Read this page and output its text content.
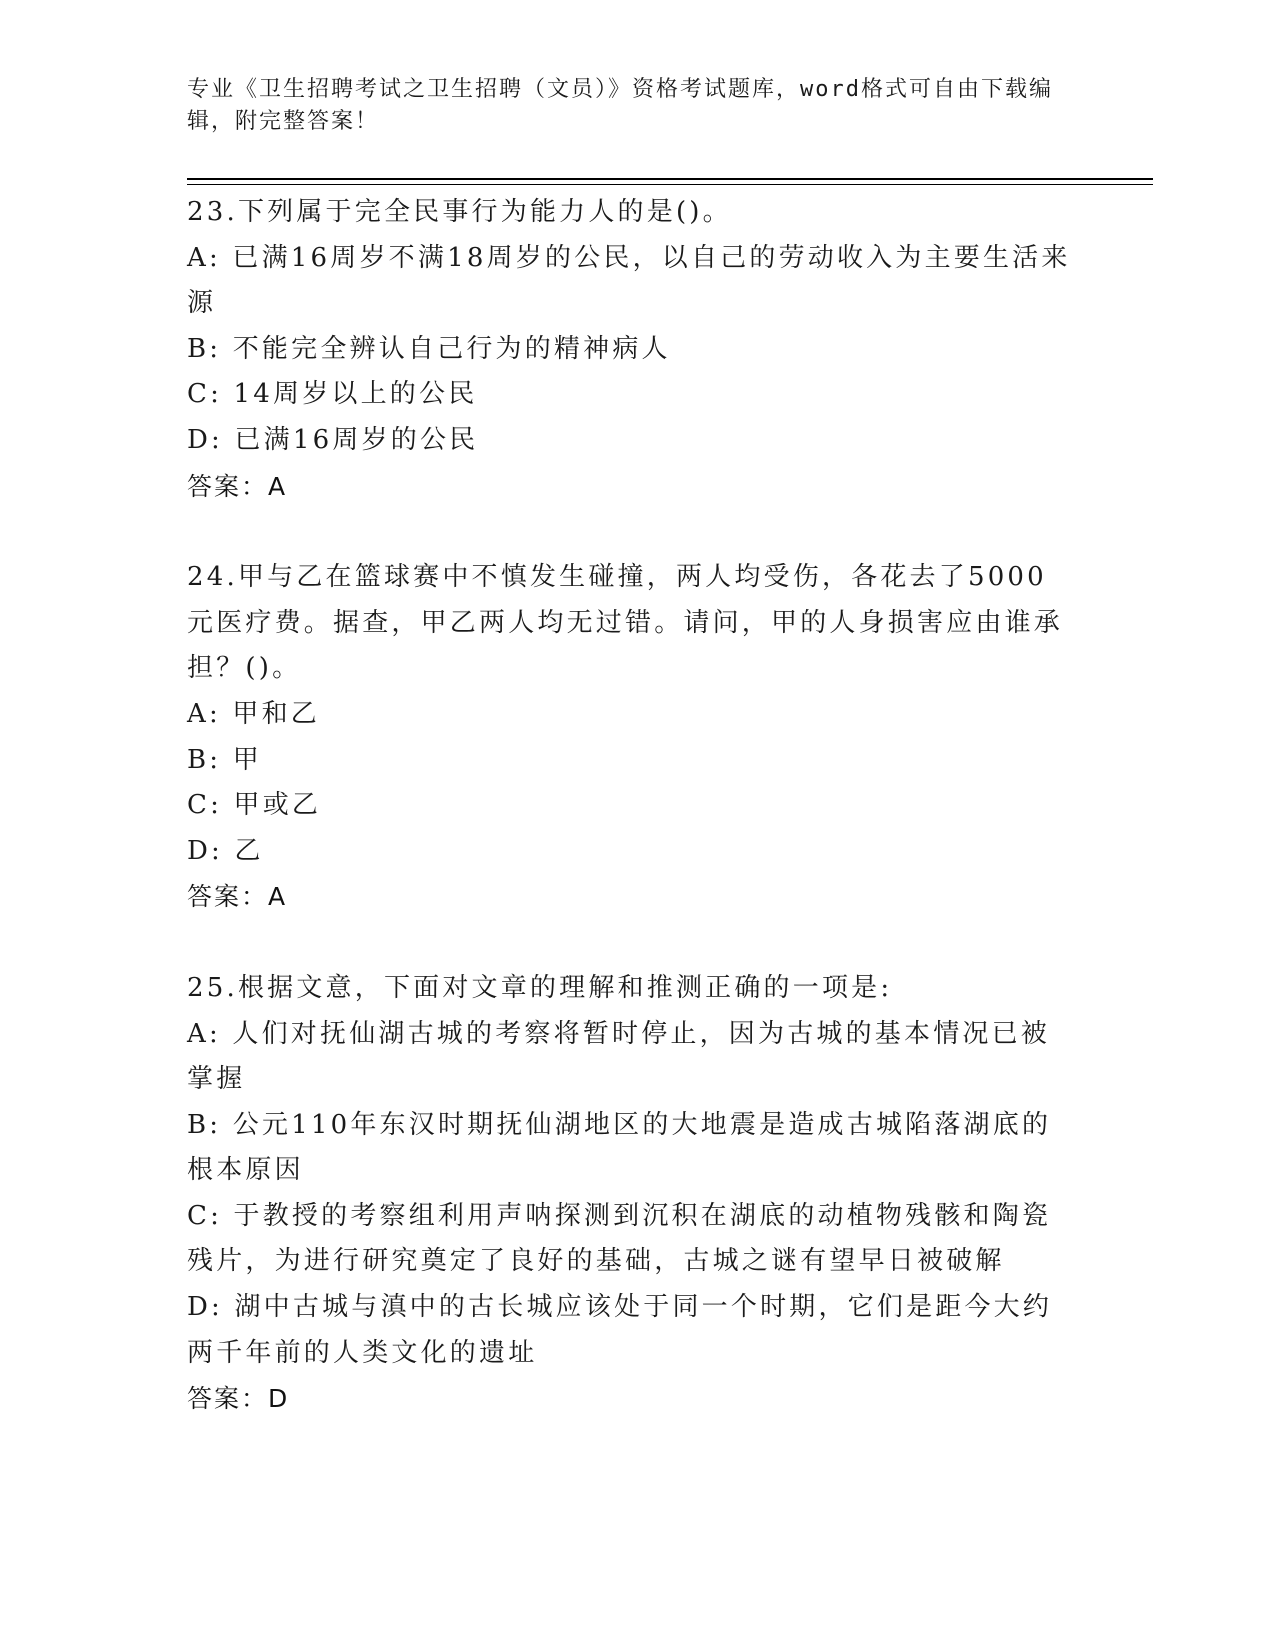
专业《卫生招聘考试之卫生招聘（文员）》资格考试题库，word格式可自由下载编辑，附完整答案！
23.下列属于完全民事行为能力人的是()。
A: 已满16周岁不满18周岁的公民，以自己的劳动收入为主要生活来源
B: 不能完全辨认自己行为的精神病人
C: 14周岁以上的公民
D: 已满16周岁的公民
答案：A
24.甲与乙在篮球赛中不慎发生碰撞，两人均受伤，各花去了5000元医疗费。据查，甲乙两人均无过错。请问，甲的人身损害应由谁承担？()。
A: 甲和乙
B: 甲
C: 甲或乙
D: 乙
答案：A
25.根据文意，下面对文章的理解和推测正确的一项是:
A: 人们对抚仙湖古城的考察将暂时停止，因为古城的基本情况已被掌握
B: 公元110年东汉时期抚仙湖地区的大地震是造成古城陷落湖底的根本原因
C: 于教授的考察组利用声呐探测到沉积在湖底的动植物残骸和陶瓷残片，为进行研究奠定了良好的基础，古城之谜有望早日被破解
D: 湖中古城与滇中的古长城应该处于同一个时期，它们是距今大约两千年前的人类文化的遗址
答案：D
